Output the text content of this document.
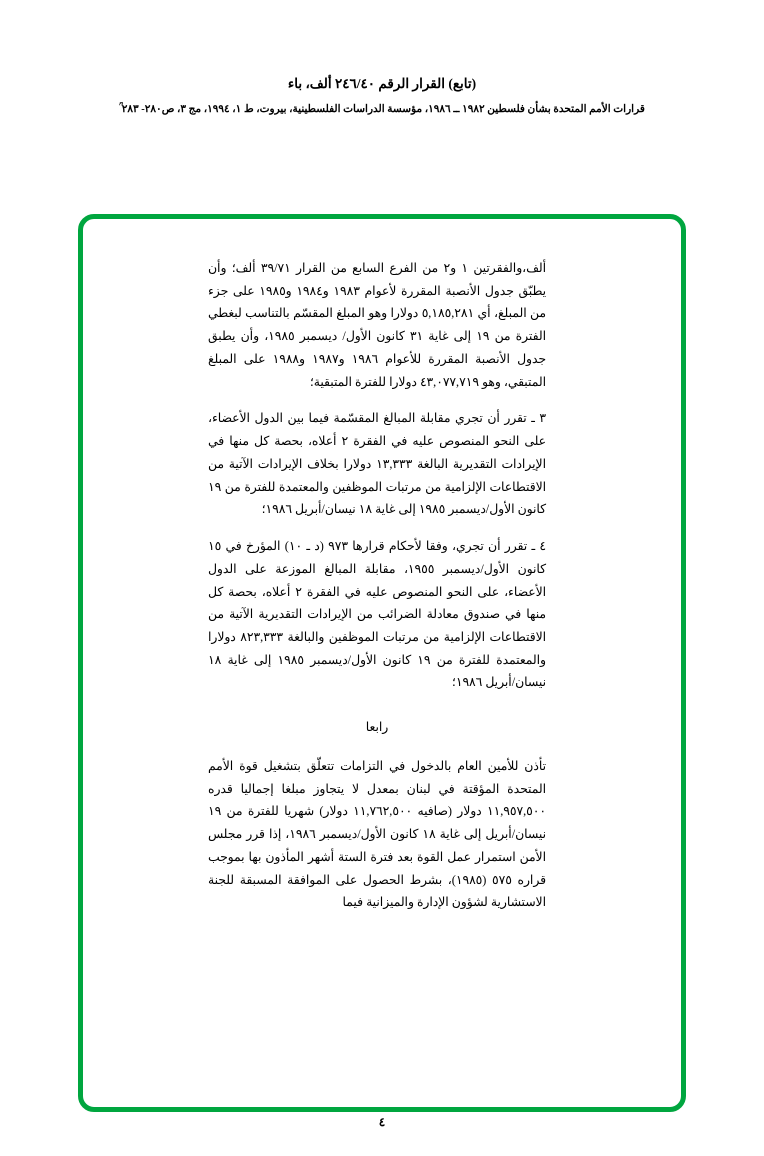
(تابع) القرار الرقم ٢٤٦/٤٠ ألف، باء
قرارات الأمم المتحدة بشأن فلسطين ١٩٨٢ ــ ١٩٨٦، مؤسسة الدراسات الفلسطينية، بيروت، ط ١، ١٩٩٤، مج ٣، ص٢٨٠- ٢٨٣ ؒ

ألف،والفقرتين ١ و٢ من الفرع السابع من القرار ٣٩/٧١ ألف؛ وأن يطبّق جدول الأنصبة المقررة لأعوام ١٩٨٣ و١٩٨٤ و١٩٨٥ على جزء من المبلغ، أي ٥,١٨٥,٢٨١ دولارا وهو المبلغ المقسّم بالتناسب لبغطي الفترة من ١٩ إلى غاية ٣١ كانون الأول/ ديسمبر ١٩٨٥، وأن يطبق جدول الأنصبة المقررة للأعوام ١٩٨٦ و١٩٨٧ و١٩٨٨ على المبلغ المتبقي، وهو ٤٣,٠٧٧,٧١٩ دولارا للفترة المتبقية؛

٣ ـ تقرر أن تجري مقابلة المبالغ المقسّمة فيما بين الدول الأعضاء، على النحو المنصوص عليه في الفقرة ٢ أعلاه، بحصة كل منها في الإيرادات التقديرية البالغة ١٣,٣٣٣ دولارا بخلاف الإيرادات الآتية من الاقتطاعات الإلزامية من مرتبات الموظفين والمعتمدة للفترة من ١٩ كانون الأول/ديسمبر ١٩٨٥ إلى غاية ١٨ نيسان/أبريل ١٩٨٦؛

٤ ـ تقرر أن تجري، وفقا لأحكام قرارها ٩٧٣ (د ـ ١٠) المؤرخ في ١٥ كانون الأول/ديسمبر ١٩٥٥، مقابلة المبالغ الموزعة على الدول الأعضاء، على النحو المنصوص عليه في الفقرة ٢ أعلاه، بحصة كل منها في صندوق معادلة الضرائب من الإيرادات التقديرية الآتية من الاقتطاعات الإلزامية من مرتبات الموظفين والبالغة ٨٢٣,٣٣٣ دولارا والمعتمدة للفترة من ١٩ كانون الأول/ديسمبر ١٩٨٥ إلى غاية ١٨ نيسان/أبريل ١٩٨٦؛

رابعا

تأذن للأمين العام بالدخول في التزامات تتعلّق بتشغيل قوة الأمم المتحدة المؤقتة في لبنان بمعدل لا يتجاوز مبلغا إجماليا قدره ١١,٩٥٧,٥٠٠ دولار (صافيه ١١,٧٦٢,٥٠٠ دولار) شهريا للفترة من ١٩ نيسان/أبريل إلى غاية ١٨ كانون الأول/ديسمبر ١٩٨٦، إذا قرر مجلس الأمن استمرار عمل القوة بعد فترة الستة أشهر المأذون بها بموجب قراره ٥٧٥ (١٩٨٥)، بشرط الحصول على الموافقة المسبقة للجنة الاستشارية لشؤون الإدارة والميزانية فيما

٤
